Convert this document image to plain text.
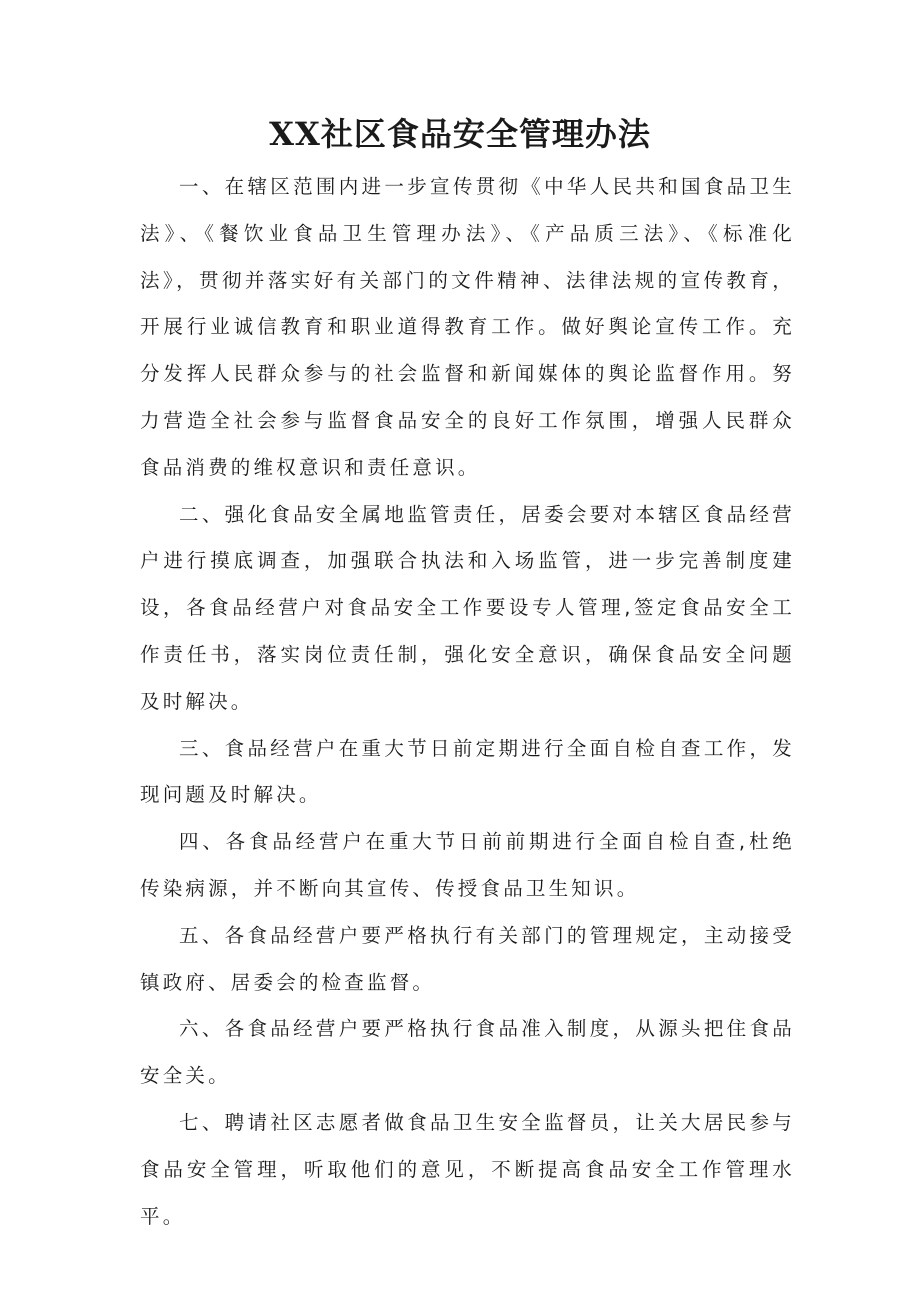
XX社区食品安全管理办法

一、在辖区范围内进一步宣传贯彻《中华人民共和国食品卫生法》、《餐饮业食品卫生管理办法》、《产品质三法》、《标准化法》，贯彻并落实好有关部门的文件精神、法律法规的宣传教育，开展行业诚信教育和职业道得教育工作。做好舆论宣传工作。充分发挥人民群众参与的社会监督和新闻媒体的舆论监督作用。努力营造全社会参与监督食品安全的良好工作氛围，增强人民群众食品消费的维权意识和责任意识。

二、强化食品安全属地监管责任，居委会要对本辖区食品经营户进行摸底调查，加强联合执法和入场监管，进一步完善制度建设，各食品经营户对食品安全工作要设专人管理,签定食品安全工作责任书，落实岗位责任制，强化安全意识，确保食品安全问题及时解决。

三、食品经营户在重大节日前定期进行全面自检自查工作，发现问题及时解决。

四、各食品经营户在重大节日前前期进行全面自检自查,杜绝传染病源，并不断向其宣传、传授食品卫生知识。

五、各食品经营户要严格执行有关部门的管理规定，主动接受镇政府、居委会的检查监督。

六、各食品经营户要严格执行食品准入制度，从源头把住食品安全关。

七、聘请社区志愿者做食品卫生安全监督员，让关大居民参与食品安全管理，听取他们的意见，不断提高食品安全工作管理水平。
